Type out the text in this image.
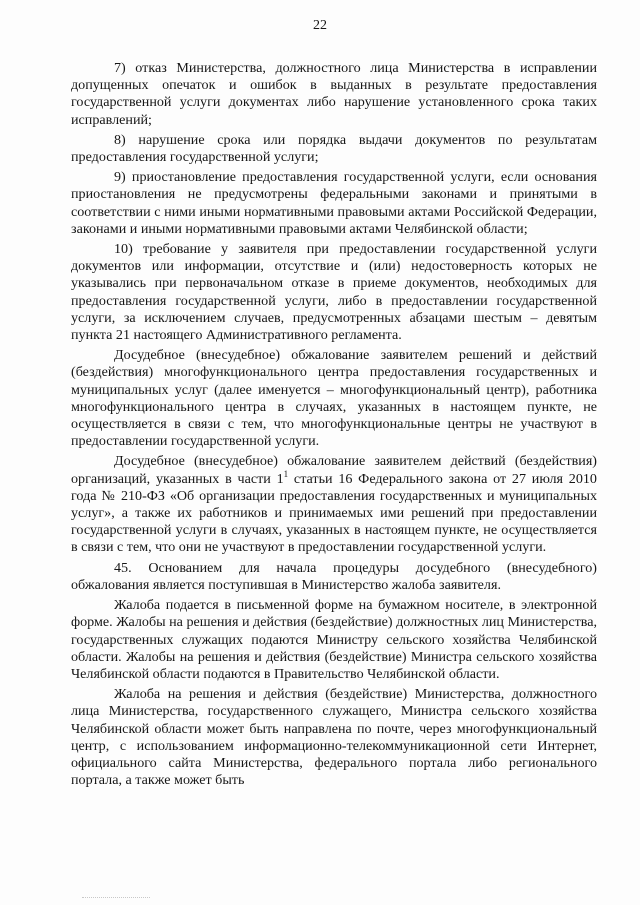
22

7) отказ Министерства, должностного лица Министерства в исправлении допущенных опечаток и ошибок в выданных в результате предоставления государственной услуги документах либо нарушение установленного срока таких исправлений;

8) нарушение срока или порядка выдачи документов по результатам предоставления государственной услуги;

9) приостановление предоставления государственной услуги, если основания приостановления не предусмотрены федеральными законами и принятыми в соответствии с ними иными нормативными правовыми актами Российской Федерации, законами и иными нормативными правовыми актами Челябинской области;

10) требование у заявителя при предоставлении государственной услуги документов или информации, отсутствие и (или) недостоверность которых не указывались при первоначальном отказе в приеме документов, необходимых для предоставления государственной услуги, либо в предоставлении государственной услуги, за исключением случаев, предусмотренных абзацами шестым – девятым пункта 21 настоящего Административного регламента.

Досудебное (внесудебное) обжалование заявителем решений и действий (бездействия) многофункционального центра предоставления государственных и муниципальных услуг (далее именуется – многофункциональный центр), работника многофункционального центра в случаях, указанных в настоящем пункте, не осуществляется в связи с тем, что многофункциональные центры не участвуют в предоставлении государственной услуги.

Досудебное (внесудебное) обжалование заявителем действий (бездействия) организаций, указанных в части $1^1$ статьи 16 Федерального закона от 27 июля 2010 года № 210-ФЗ «Об организации предоставления государственных и муниципальных услуг», а также их работников и принимаемых ими решений при предоставлении государственной услуги в случаях, указанных в настоящем пункте, не осуществляется в связи с тем, что они не участвуют в предоставлении государственной услуги.

45. Основанием для начала процедуры досудебного (внесудебного) обжалования является поступившая в Министерство жалоба заявителя.

Жалоба подается в письменной форме на бумажном носителе, в электронной форме. Жалобы на решения и действия (бездействие) должностных лиц Министерства, государственных служащих подаются Министру сельского хозяйства Челябинской области. Жалобы на решения и действия (бездействие) Министра сельского хозяйства Челябинской области подаются в Правительство Челябинской области.

Жалоба на решения и действия (бездействие) Министерства, должностного лица Министерства, государственного служащего, Министра сельского хозяйства Челябинской области может быть направлена по почте, через многофункциональный центр, с использованием информационно-телекоммуникационной сети Интернет, официального сайта Министерства, федерального портала либо регионального портала, а также может быть
